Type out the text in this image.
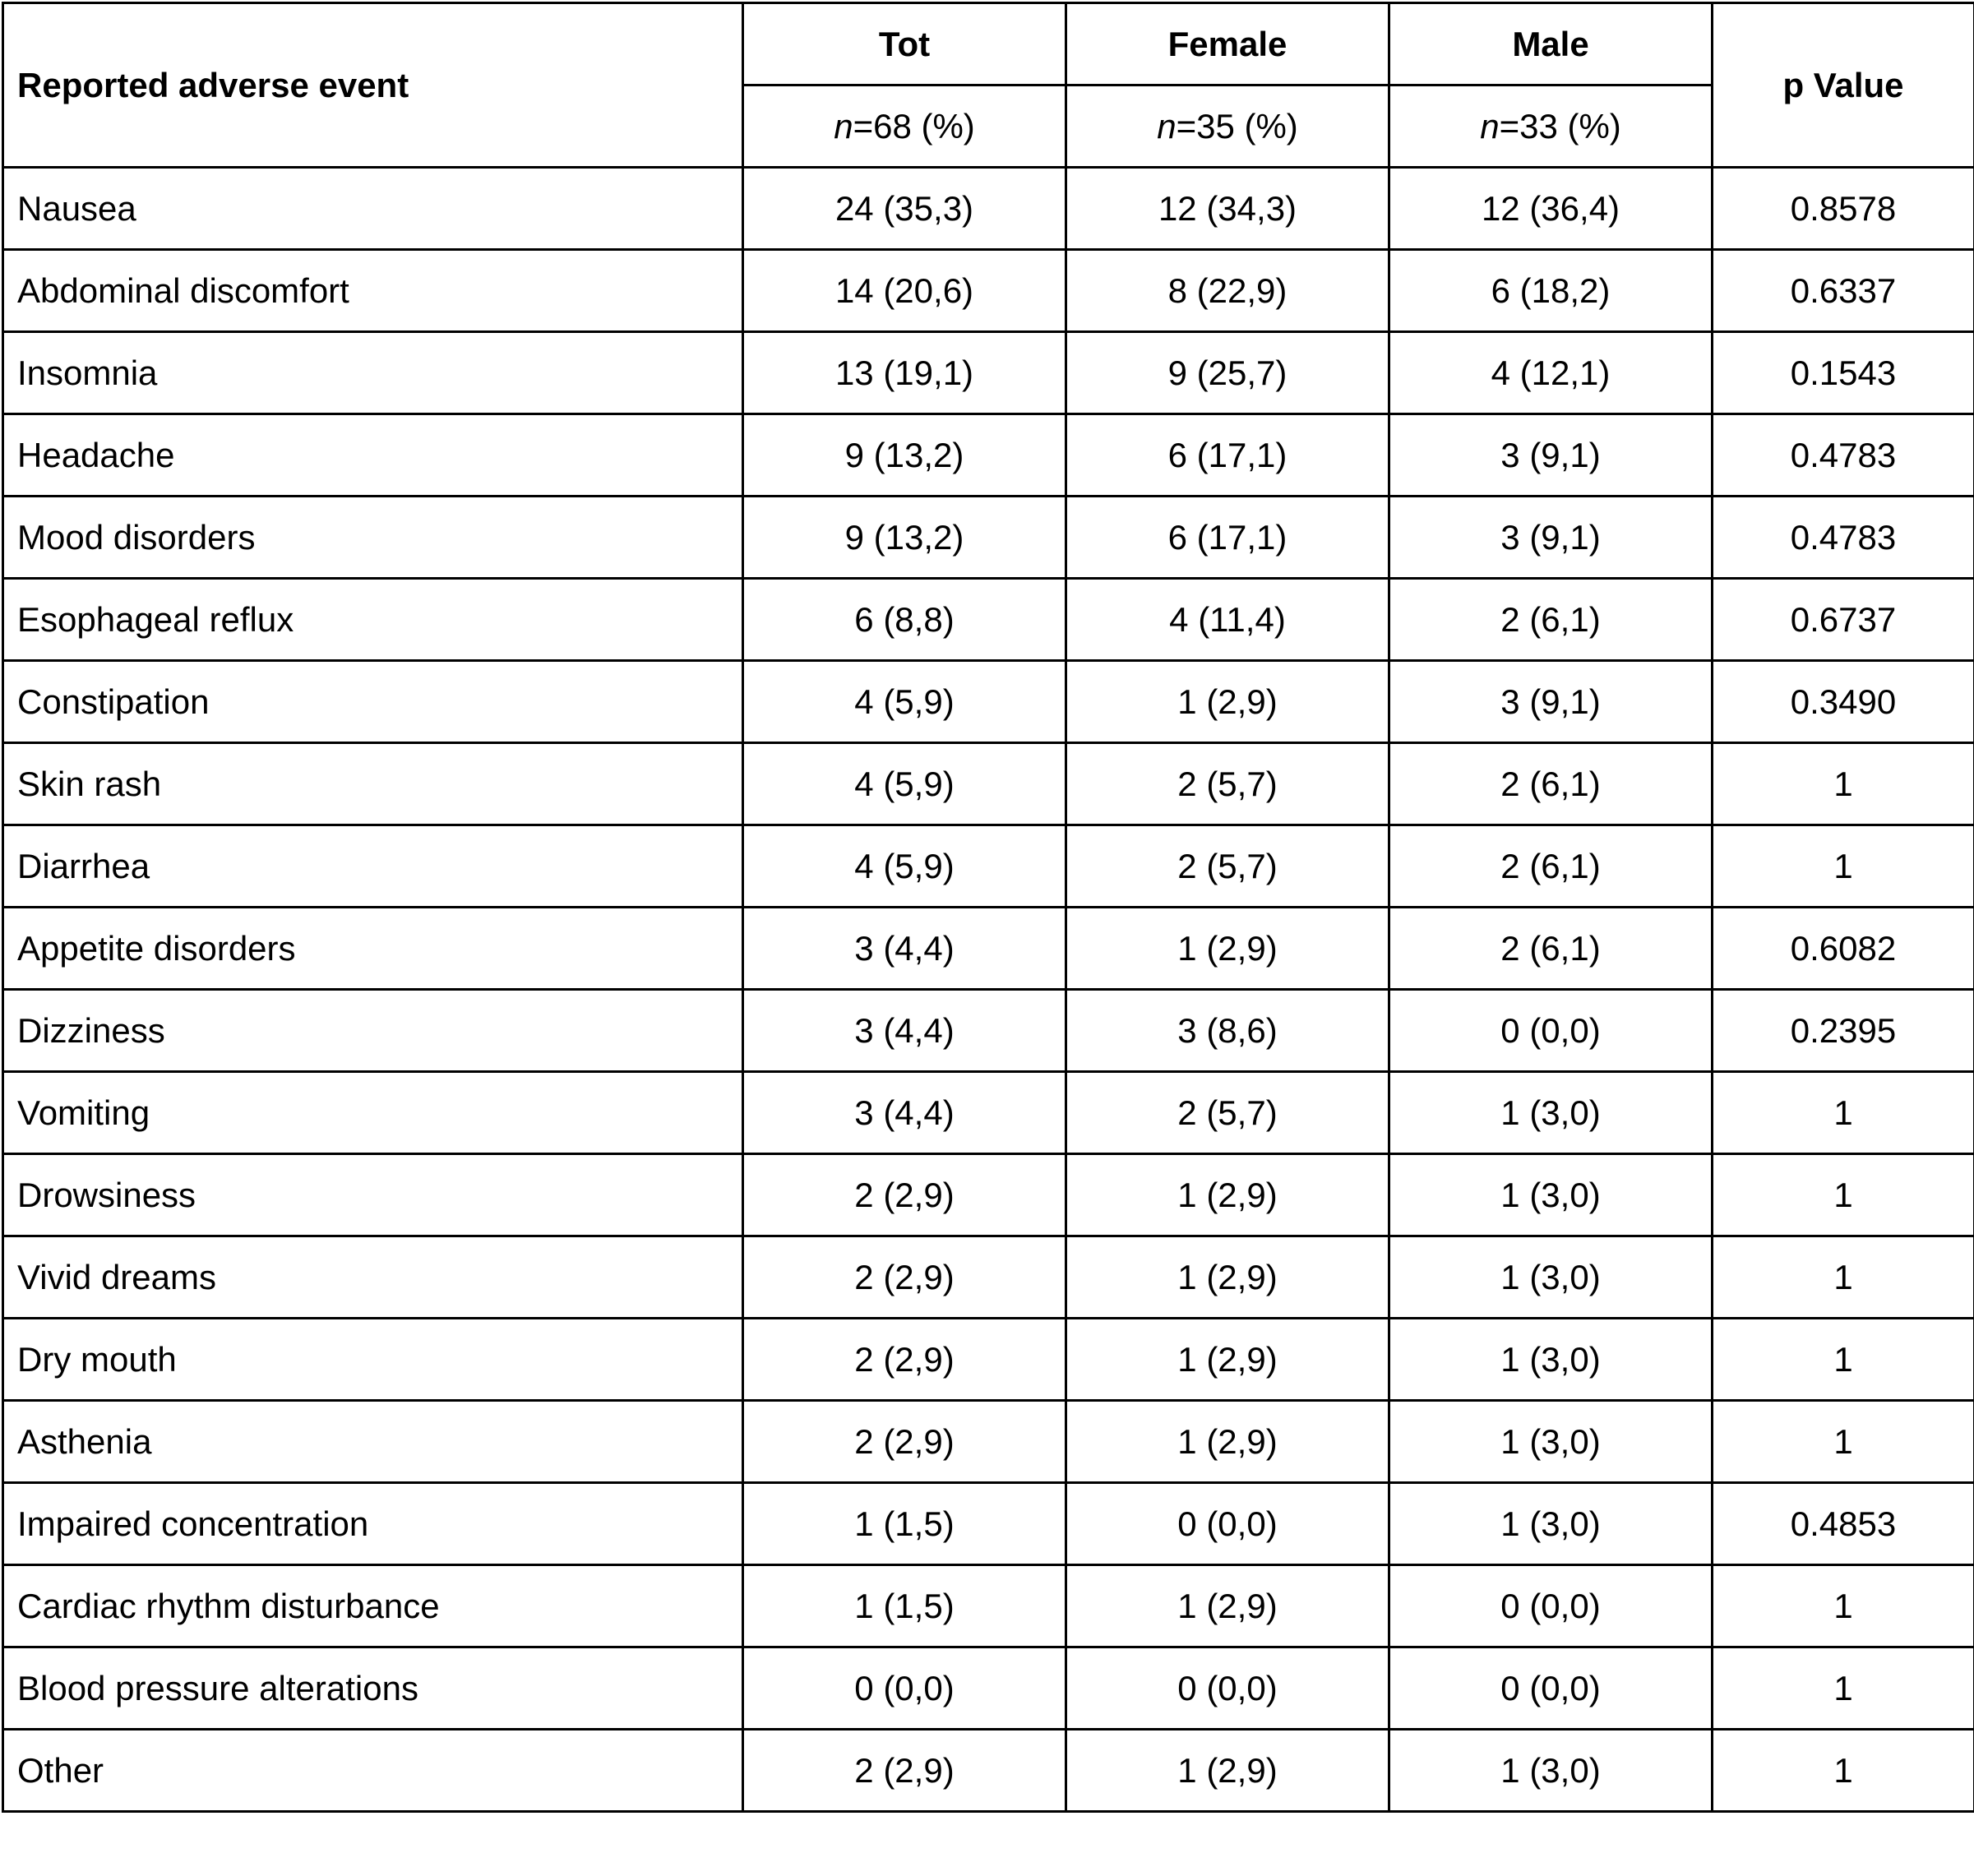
Reported adverse event	Tot	Female	Male	p Value
	n=68 (%)	n=35 (%)	n=33 (%)	
Nausea	24 (35,3)	12 (34,3)	12 (36,4)	0.8578
Abdominal discomfort	14 (20,6)	8 (22,9)	6 (18,2)	0.6337
Insomnia	13 (19,1)	9 (25,7)	4 (12,1)	0.1543
Headache	9 (13,2)	6 (17,1)	3 (9,1)	0.4783
Mood disorders	9 (13,2)	6 (17,1)	3 (9,1)	0.4783
Esophageal reflux	6 (8,8)	4 (11,4)	2 (6,1)	0.6737
Constipation	4 (5,9)	1 (2,9)	3 (9,1)	0.3490
Skin rash	4 (5,9)	2 (5,7)	2 (6,1)	1
Diarrhea	4 (5,9)	2 (5,7)	2 (6,1)	1
Appetite disorders	3 (4,4)	1 (2,9)	2 (6,1)	0.6082
Dizziness	3 (4,4)	3 (8,6)	0 (0,0)	0.2395
Vomiting	3 (4,4)	2 (5,7)	1 (3,0)	1
Drowsiness	2 (2,9)	1 (2,9)	1 (3,0)	1
Vivid dreams	2 (2,9)	1 (2,9)	1 (3,0)	1
Dry mouth	2 (2,9)	1 (2,9)	1 (3,0)	1
Asthenia	2 (2,9)	1 (2,9)	1 (3,0)	1
Impaired concentration	1 (1,5)	0 (0,0)	1 (3,0)	0.4853
Cardiac rhythm disturbance	1 (1,5)	1 (2,9)	0 (0,0)	1
Blood pressure alterations	0 (0,0)	0 (0,0)	0 (0,0)	1
Other	2 (2,9)	1 (2,9)	1 (3,0)	1
